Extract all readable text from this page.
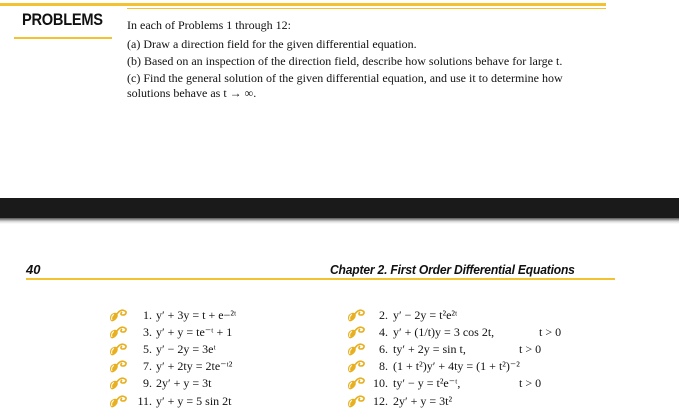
PROBLEMS In each of Problems 1 through 12:
(a) Draw a direction field for the given differential equation.
(b) Based on an inspection of the direction field, describe how solutions behave for large t.
(c) Find the general solution of the given differential equation, and use it to determine how
solutions behave as t → ∞.
40	Chapter 2. First Order Differential Equations
1. y′ + 3y = t + e−²ᵗ
3. y′ + y = te⁻ᵗ + 1
5. y′ − 2y = 3eᵗ
7. y′ + 2ty = 2te⁻ᵗ²
9. 2y′ + y = 3t
11. y′ + y = 5 sin 2t
2. y′ − 2y = t²e²ᵗ
4. y′ + (1/t)y = 3 cos 2t,	t > 0
6. ty′ + 2y = sin t,	t > 0
8. (1 + t²)y′ + 4ty = (1 + t²)⁻²
10. ty′ − y = t²e⁻ᵗ,	t > 0
12. 2y′ + y = 3t²
